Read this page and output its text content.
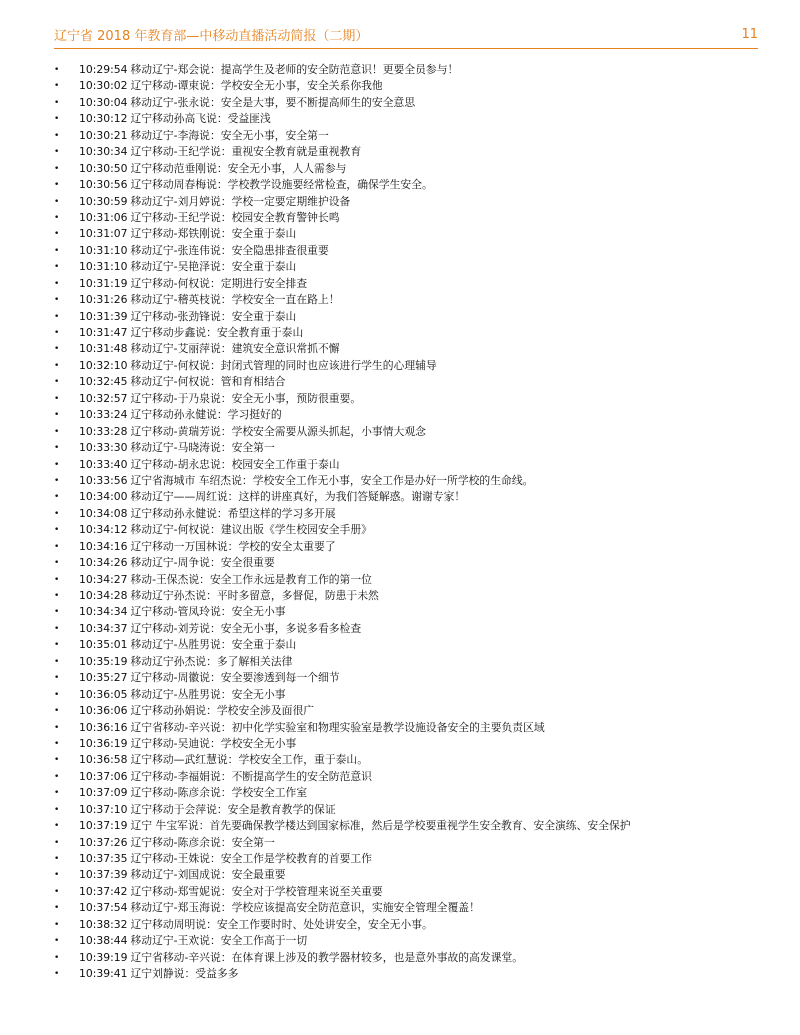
辽宁省 2018 年教育部—中移动直播活动简报（二期）	11
•	10:29:54 移动辽宁-郑会说：提高学生及老师的安全防范意识！更要全员参与！
•	10:30:02 辽宁移动-谭束说：学校安全无小事，安全关系你我他
•	10:30:04 移动辽宁-张永说：安全是大事，要不断提高师生的安全意思
•	10:30:12 辽宁移动孙高飞说：受益匪浅
•	10:30:21 移动辽宁-李海说：安全无小事，安全第一
•	10:30:34 辽宁移动-王纪学说：重视安全教育就是重视教育
•	10:30:50 辽宁移动范垂刚说：安全无小事，人人需参与
•	10:30:56 辽宁移动周春梅说：学校教学设施要经常检查，确保学生安全。
•	10:30:59 移动辽宁-刘月婷说：学校一定要定期维护设备
•	10:31:06 辽宁移动-王纪学说：校园安全教育警钟长鸣
•	10:31:07 辽宁移动-郑铁刚说：安全重于泰山
•	10:31:10 移动辽宁-张连伟说：安全隐患排查很重要
•	10:31:10 移动辽宁-吴艳泽说：安全重于泰山
•	10:31:19 辽宁移动-何权说：定期进行安全排查
•	10:31:26 移动辽宁-稽英枝说：学校安全一直在路上！
•	10:31:39 辽宁移动-张劲锋说：安全重于泰山
•	10:31:47 辽宁移动步鑫说：安全教育重于泰山
•	10:31:48 移动辽宁-艾丽萍说：建筑安全意识常抓不懈
•	10:32:10 移动辽宁-何权说：封闭式管理的同时也应该进行学生的心理辅导
•	10:32:45 移动辽宁-何权说：管和育相结合
•	10:32:57 辽宁移动-于乃泉说：安全无小事，预防很重要。
•	10:33:24 辽宁移动孙永健说：学习挺好的
•	10:33:28 辽宁移动-黄瑞芳说：学校安全需要从源头抓起，小事情大观念
•	10:33:30 移动辽宁-马晓涛说：安全第一
•	10:33:40 辽宁移动-胡永忠说：校园安全工作重于泰山
•	10:33:56 辽宁省海城市 车绍杰说：学校安全工作无小事，安全工作是办好一所学校的生命线。
•	10:34:00 移动辽宁——周红说：这样的讲座真好，为我们答疑解惑。谢谢专家！
•	10:34:08 辽宁移动孙永健说：希望这样的学习多开展
•	10:34:12 移动辽宁-何权说：建议出版《学生校园安全手册》
•	10:34:16 辽宁移动一万国林说：学校的安全太重要了
•	10:34:26 移动辽宁-周争说：安全很重要
•	10:34:27 移动-王保杰说：安全工作永远是教育工作的第一位
•	10:34:28 移动辽宁孙杰说：平时多留意，多督促，防患于未然
•	10:34:34 辽宁移动-管凤玲说：安全无小事
•	10:34:37 辽宁移动-刘芳说：安全无小事，多说多看多检查
•	10:35:01 移动辽宁-丛胜男说：安全重于泰山
•	10:35:19 移动辽宁孙杰说：多了解相关法律
•	10:35:27 辽宁移动-周徽说：安全要渗透到每一个细节
•	10:36:05 移动辽宁-丛胜男说：安全无小事
•	10:36:06 辽宁移动孙娟说：学校安全涉及面很广
•	10:36:16 辽宁省移动-辛兴说：初中化学实验室和物理实验室是教学设施设备安全的主要负责区域
•	10:36:19 辽宁移动-吴迪说：学校安全无小事
•	10:36:58 辽宁移动—武红慧说：学校安全工作，重于泰山。
•	10:37:06 辽宁移动-李福娟说：不断提高学生的安全防范意识
•	10:37:09 辽宁移动-陈彦余说：学校安全工作室
•	10:37:10 辽宁移动于会萍说：安全是教育教学的保证
•	10:37:19 辽宁 牛宝军说：首先要确保教学楼达到国家标准，然后是学校要重视学生安全教育、安全演练、安全保护
•	10:37:26 辽宁移动-陈彦余说：安全第一
•	10:37:35 辽宁移动-王姝说：安全工作是学校教育的首要工作
•	10:37:39 移动辽宁-刘国成说：安全最重要
•	10:37:42 辽宁移动-郑雪妮说：安全对于学校管理来说至关重要
•	10:37:54 移动辽宁-郑玉海说：学校应该提高安全防范意识，实施安全管理全覆盖！
•	10:38:32 辽宁移动周明说：安全工作要时时、处处讲安全，安全无小事。
•	10:38:44 移动辽宁-王欢说：安全工作高于一切
•	10:39:19 辽宁省移动-辛兴说：在体育课上涉及的教学器材较多，也是意外事故的高发课堂。
•	10:39:41 辽宁刘静说：受益多多
